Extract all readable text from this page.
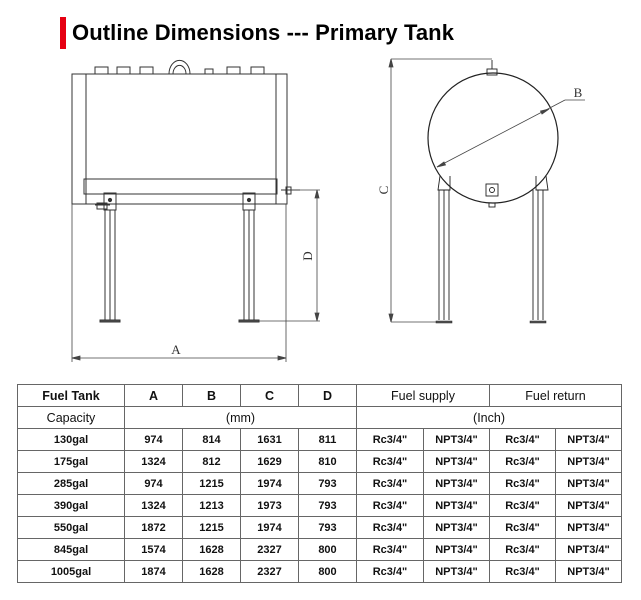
Outline Dimensions --- Primary Tank
A
D
B
C
Fuel Tank	A	B	C	D	Fuel supply		Fuel return	
Capacity	(mm)				(Inch)			
130gal	974	814	1631	811	Rc3/4"	NPT3/4"	Rc3/4"	NPT3/4"
175gal	1324	812	1629	810	Rc3/4"	NPT3/4"	Rc3/4"	NPT3/4"
285gal	974	1215	1974	793	Rc3/4"	NPT3/4"	Rc3/4"	NPT3/4"
390gal	1324	1213	1973	793	Rc3/4"	NPT3/4"	Rc3/4"	NPT3/4"
550gal	1872	1215	1974	793	Rc3/4"	NPT3/4"	Rc3/4"	NPT3/4"
845gal	1574	1628	2327	800	Rc3/4"	NPT3/4"	Rc3/4"	NPT3/4"
1005gal	1874	1628	2327	800	Rc3/4"	NPT3/4"	Rc3/4"	NPT3/4"
